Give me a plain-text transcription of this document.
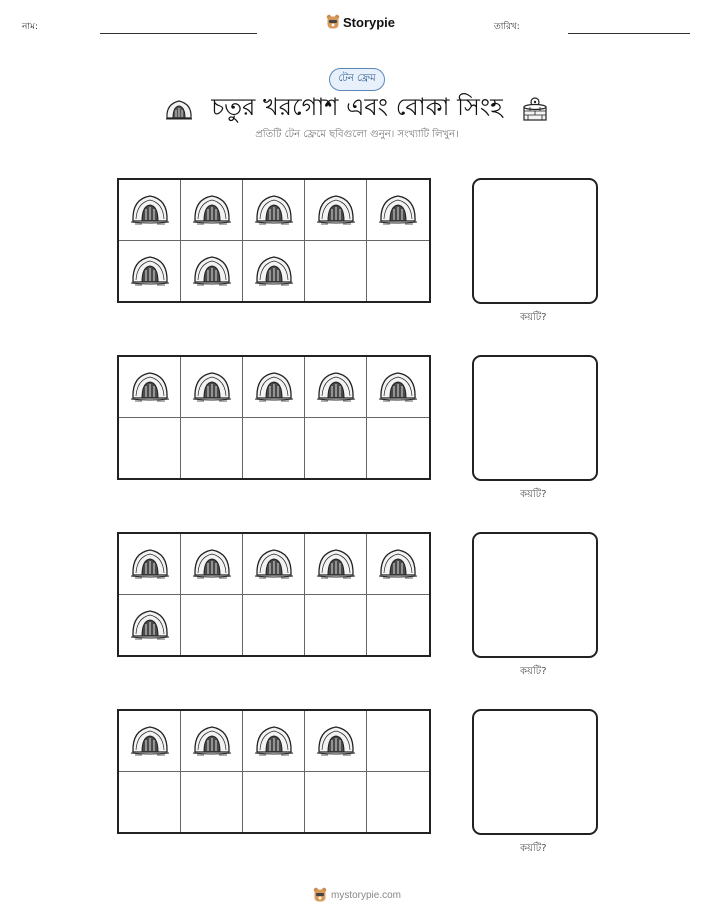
নাম:	Storypie	তারিখ:
টেন ফ্রেম
চতুর খরগোশ এবং বোকা সিংহ
প্রতিটি টেন ফ্রেমে ছবিগুলো গুনুন। সংখ্যাটি লিখুন।
কয়টি?
কয়টি?
কয়টি?
কয়টি?
mystorypie.com
